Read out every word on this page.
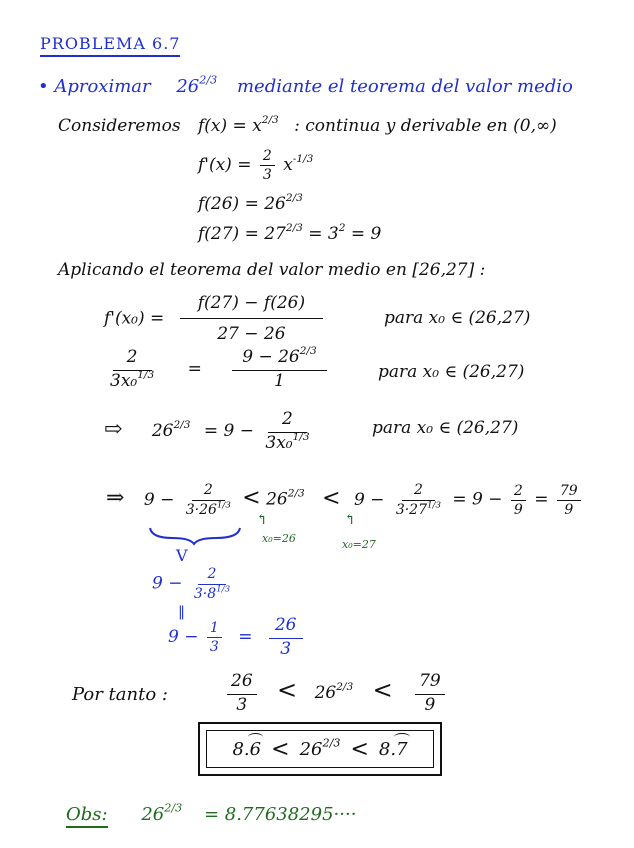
PROBLEMA 6.7
• Aproximar $26^{2/3}$ mediante el teorema del valor medio
Consideremos $f(x) = x^{2/3}$ : continua y derivable en (0,∞)
$f'(x) = \frac{2}{3} x^{-1/3}$
$f(26) = 26^{2/3}$
$f(27) = 27^{2/3} = 3^2 = 9$
Aplicando el teorema del valor medio en [26,27] :
$f'(x_0) = \frac{f(27) - f(26)}{27 - 26}$	para x₀ ∈ (26,27)
$\frac{2}{3x_0^{1/3}} = \frac{9 - 26^{2/3}}{1}$	para x₀ ∈ (26,27)
⇨ $26^{2/3} = 9 - \frac{2}{3x_0^{1/3}}$	para x₀ ∈ (26,27)
⇒ $9 - \frac{2}{3\cdot 26^{1/3}} < 26^{2/3} < 9 - \frac{2}{3\cdot 27^{1/3}} = 9 - \frac{2}{9} = \frac{79}{9}$
↰
x₀=26
↰
x₀=27
V
$9 - \frac{2}{3\cdot 8^{1/3}}$
‖
$9 - \frac{1}{3} = \frac{26}{3}$
Por tanto :	$\frac{26}{3} < 26^{2/3} < \frac{79}{9}$
$8.6 < 26^{2/3} < 8.7$
Obs: $26^{2/3} = 8.77638295\cdot\cdot\cdot\cdot$
